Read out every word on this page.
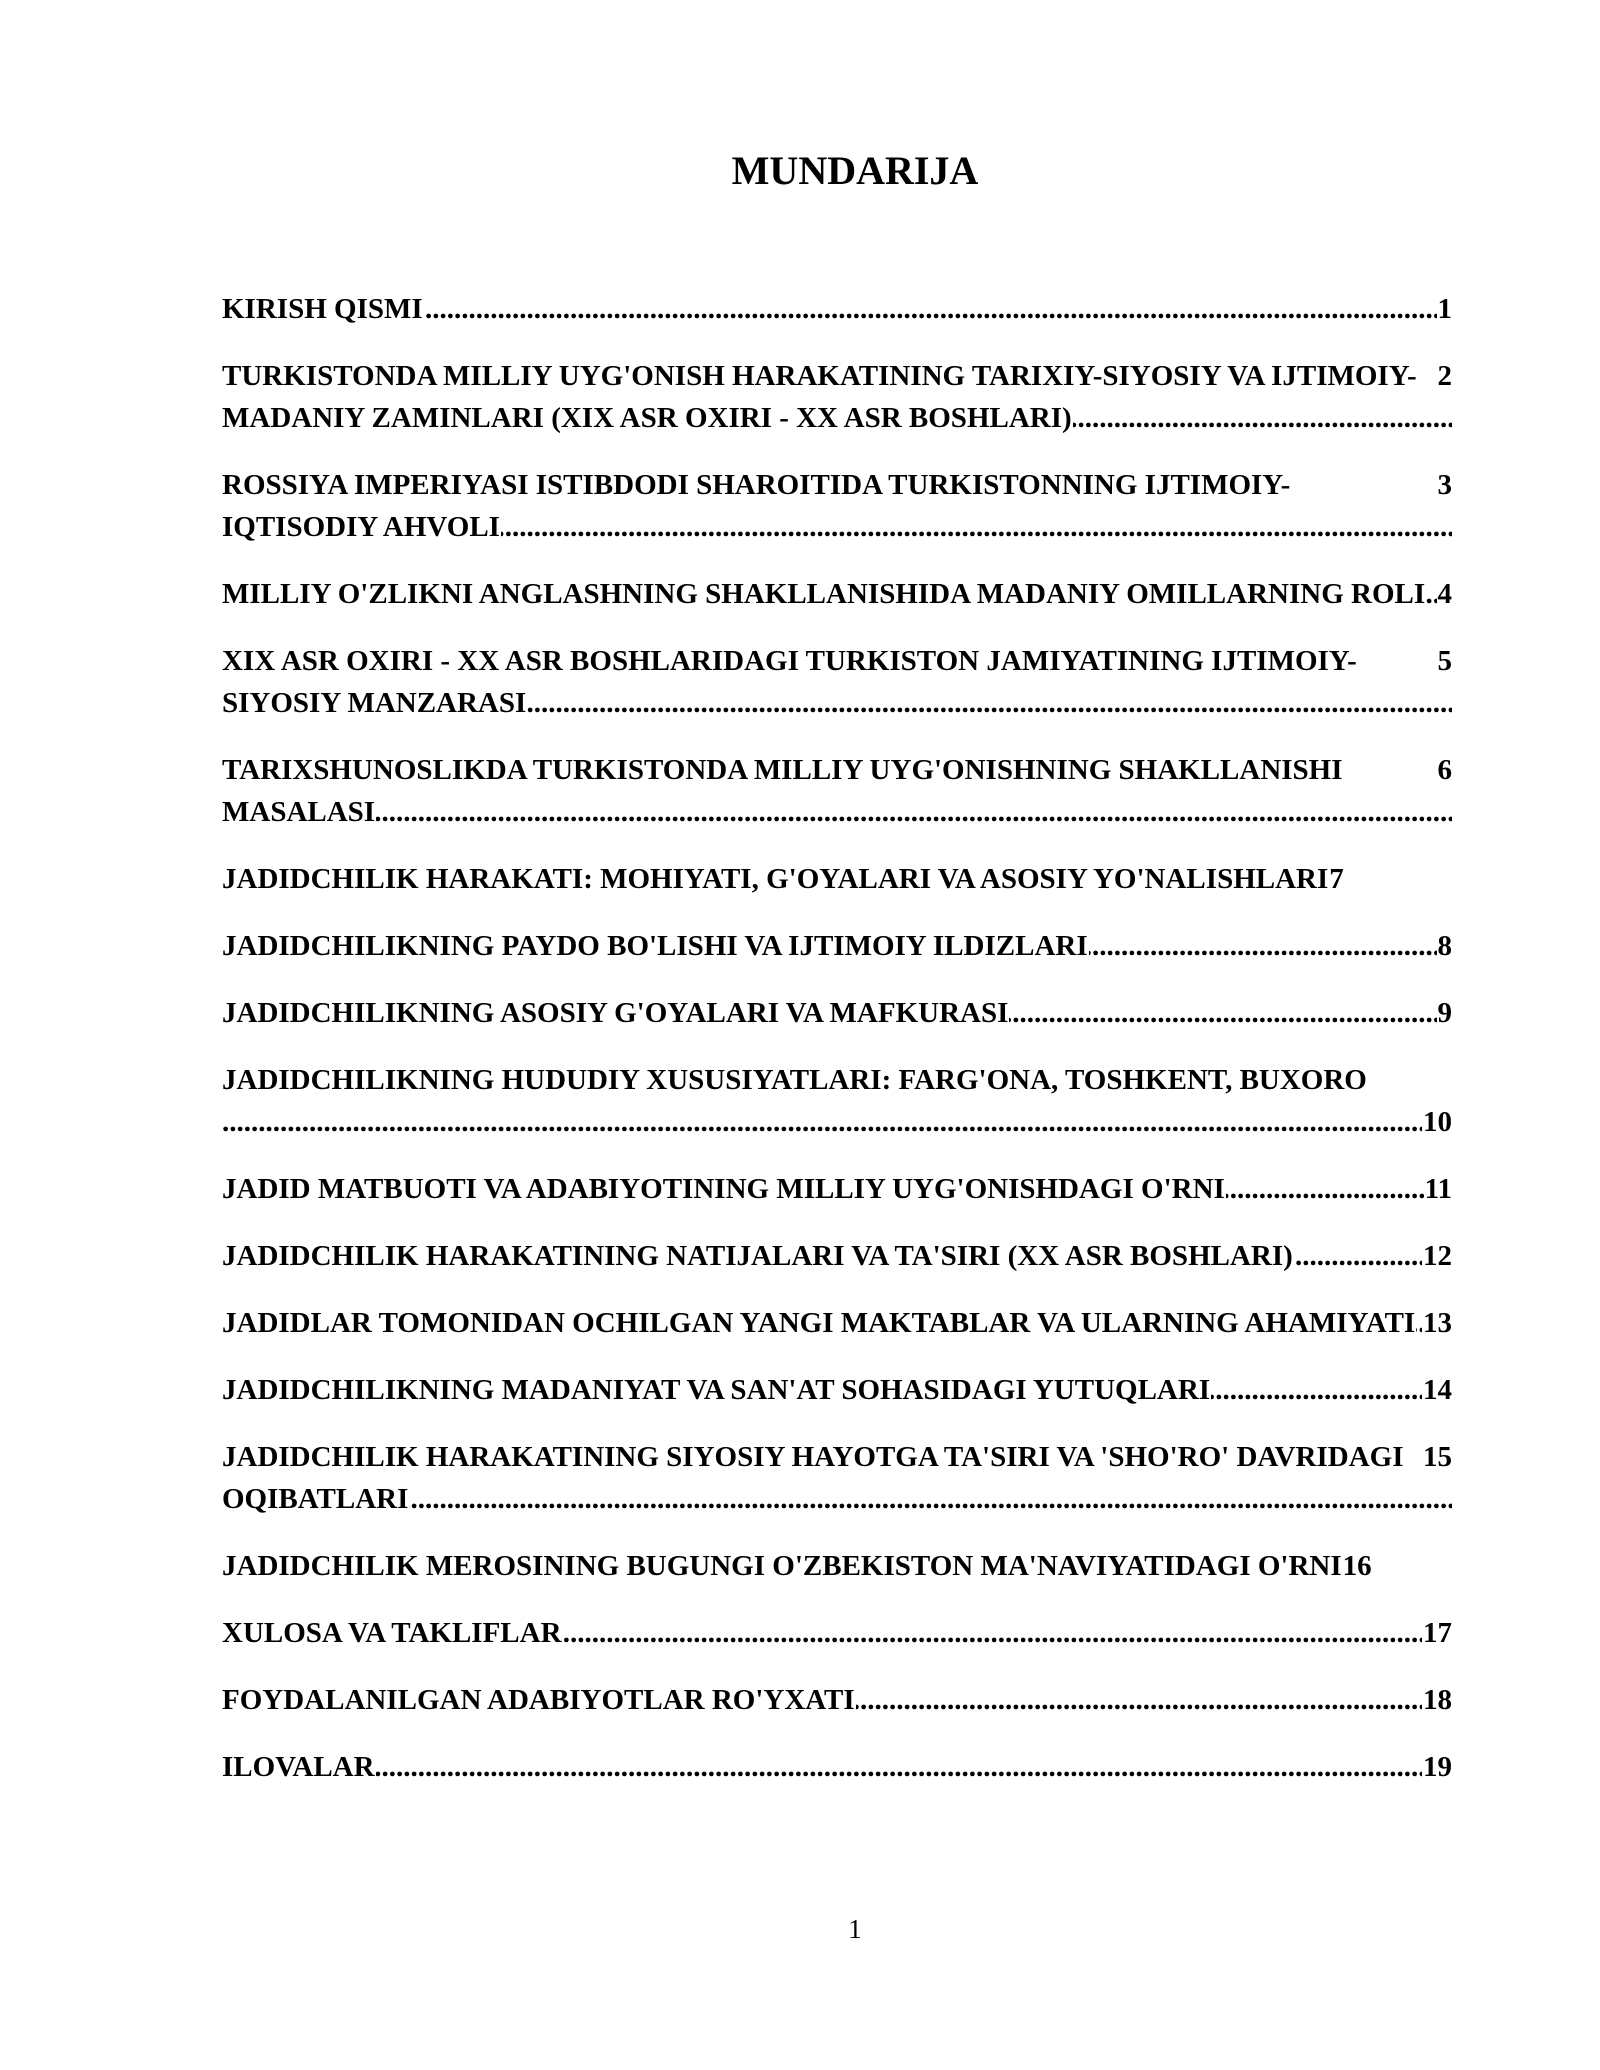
MUNDARIJA
1
KIRISH QISMI .....
2
TURKISTONDA MILLIY UYG'ONISH HARAKATINING TARIXIY-SIYOSIY VA IJTIMOIY-MADANIY ZAMINLARI (XIX ASR OXIRI - XX ASR BOSHLARI) .....
3
ROSSIYA IMPERIYASI ISTIBDODI SHAROITIDA TURKISTONNING IJTIMOIY-IQTISODIY AHVOLI .....
4
MILLIY O'ZLIKNI ANGLASHNING SHAKLLANISHIDA MADANIY OMILLARNING ROLI .....
5
XIX ASR OXIRI - XX ASR BOSHLARIDAGI TURKISTON JAMIYATINING IJTIMOIY-SIYOSIY MANZARASI .....
6
TARIXSHUNOSLIKDA TURKISTONDA MILLIY UYG'ONISHNING SHAKLLANISHI MASALASI .....
JADIDCHILIK HARAKATI: MOHIYATI, G'OYALARI VA ASOSIY YO'NALISHLARI7
8
JADIDCHILIKNING PAYDO BO'LISHI VA IJTIMOIY ILDIZLARI .....
9
JADIDCHILIKNING ASOSIY G'OYALARI VA MAFKURASI .....
JADIDCHILIKNING HUDUDIY XUSUSIYATLARI: FARG'ONA, TOSHKENT, BUXORO
10
.....
11
JADID MATBUOTI VA ADABIYOTINING MILLIY UYG'ONISHDAGI O'RNI .....
12
JADIDCHILIK HARAKATINING NATIJALARI VA TA'SIRI (XX ASR BOSHLARI) .....
13
JADIDLAR TOMONIDAN OCHILGAN YANGI MAKTABLAR VA ULARNING AHAMIYATI .....
14
JADIDCHILIKNING MADANIYAT VA SAN'AT SOHASIDAGI YUTUQLARI .....
15
JADIDCHILIK HARAKATINING SIYOSIY HAYOTGA TA'SIRI VA 'SHO'RO' DAVRIDAGI OQIBATLARI .....
JADIDCHILIK MEROSINING BUGUNGI O'ZBEKISTON MA'NAVIYATIDAGI O'RNI16
17
XULOSA VA TAKLIFLAR .....
18
FOYDALANILGAN ADABIYOTLAR RO'YXATI .....
19
ILOVALAR .....
1
